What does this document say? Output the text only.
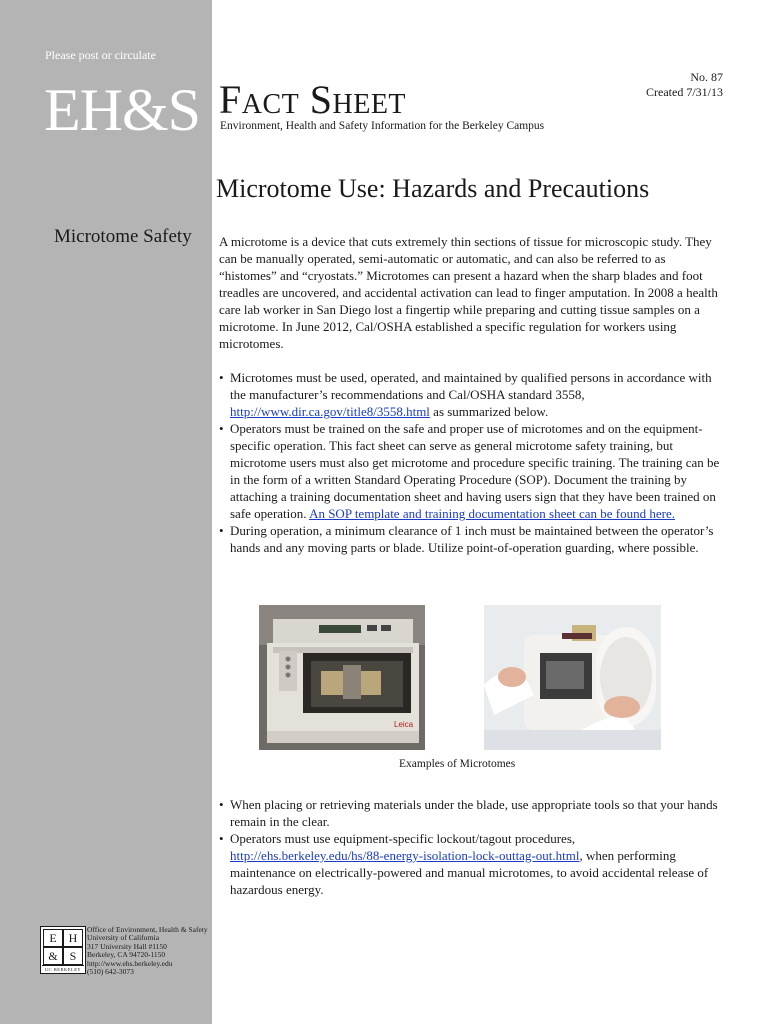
Please post or circulate
EH&S
Microtome Safety
E H
& S
UC BERKELEY
Office of Environment, Health & Safety
University of California
317 University Hall #1150
Berkeley, CA 94720-1150
http://www.ehs.berkeley.edu
(510) 642-3073
Fact Sheet
Environment, Health and Safety Information for the Berkeley Campus
No. 87
Created 7/31/13
Microtome Use: Hazards and Precautions

A microtome is a device that cuts extremely thin sections of tissue for microscopic study. They can be manually operated, semi-automatic or automatic, and can also be referred to as “histomes” and “cryostats.” Microtomes can present a hazard when the sharp blades and foot treadles are uncovered, and accidental activation can lead to finger amputation. In 2008 a health care lab worker in San Diego lost a fingertip while preparing and cutting tissue samples on a microtome. In June 2012, Cal/OSHA established a specific regulation for workers using microtomes.

• Microtomes must be used, operated, and maintained by qualified persons in accordance with the manufacturer’s recommendations and Cal/OSHA standard 3558, http://www.dir.ca.gov/title8/3558.html as summarized below.
• Operators must be trained on the safe and proper use of microtomes and on the equipment-specific operation. This fact sheet can serve as general microtome safety training, but microtome users must also get microtome and procedure specific training. The training can be in the form of a written Standard Operating Procedure (SOP). Document the training by attaching a training documentation sheet and having users sign that they have been trained on safe operation. An SOP template and training documentation sheet can be found here.
• During operation, a minimum clearance of 1 inch must be maintained between the operator’s hands and any moving parts or blade. Utilize point-of-operation guarding, where possible.
Leica
Examples of Microtomes
• When placing or retrieving materials under the blade, use appropriate tools so that your hands remain in the clear.
• Operators must use equipment-specific lockout/tagout procedures, http://ehs.berkeley.edu/hs/88-energy-isolation-lock-outtag-out.html, when performing maintenance on electrically-powered and manual microtomes, to avoid accidental release of hazardous energy.
